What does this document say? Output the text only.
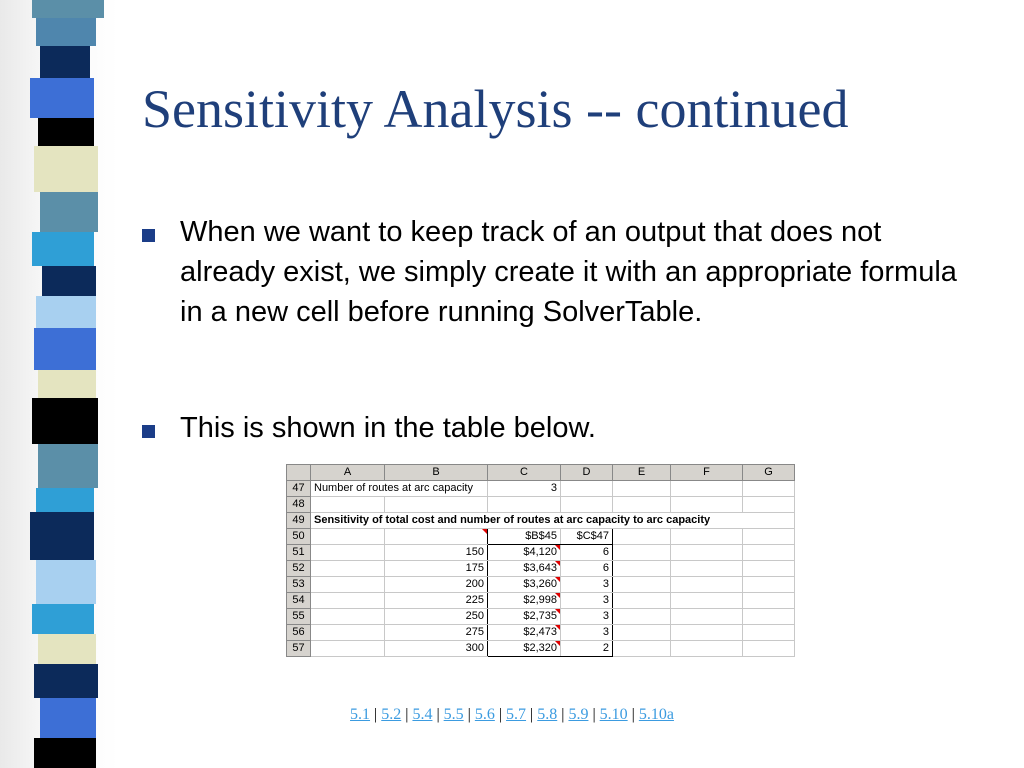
Sensitivity Analysis -- continued
When we want to keep track of an output that does not already exist, we simply create it with an appropriate formula in a new cell before running SolverTable.
This is shown in the table below.
	A	B	C	D	E	F	G
47	Number of routes at arc capacity		3				
48							
49	Sensitivity of total cost and number of routes at arc capacity to arc capacity						
50			$B$45	$C$47			
51		150	$4,120	6			
52		175	$3,643	6			
53		200	$3,260	3			
54		225	$2,998	3			
55		250	$2,735	3			
56		275	$2,473	3			
57		300	$2,320	2			
5.1 | 5.2 | 5.4 | 5.5 | 5.6 | 5.7 | 5.8 | 5.9 | 5.10 | 5.10a
